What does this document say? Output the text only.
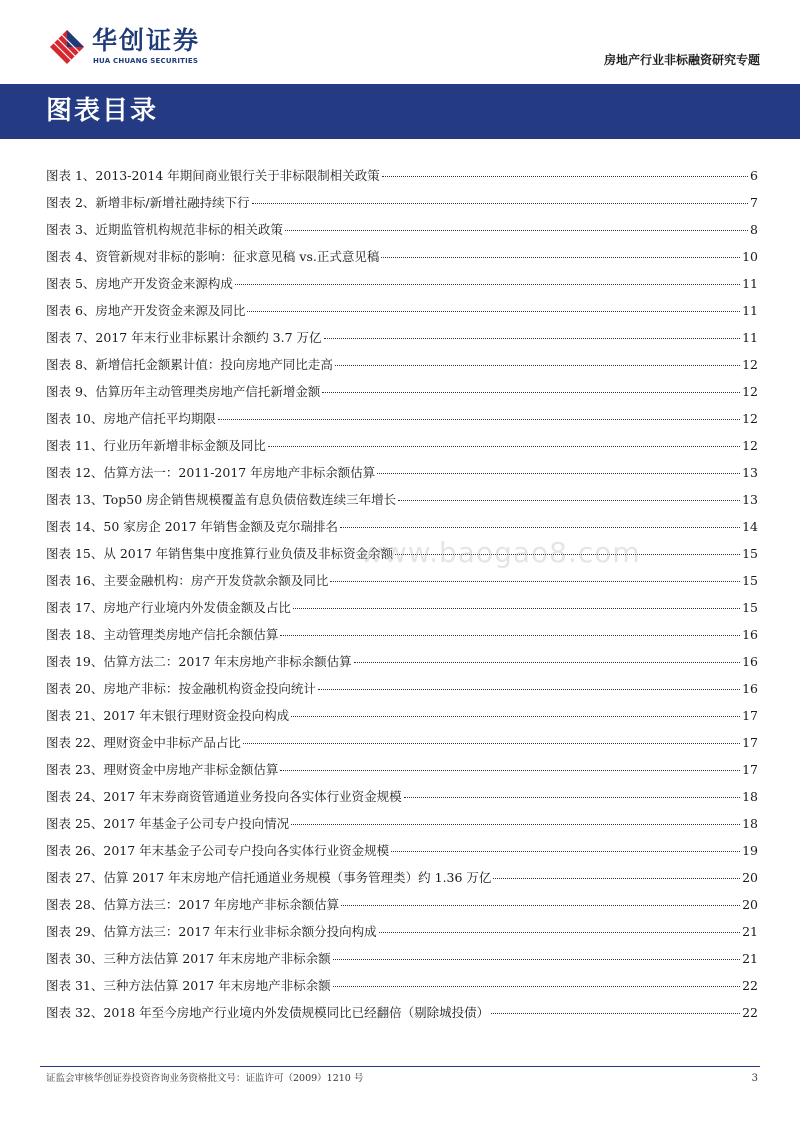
华创证券
HUA CHUANG SECURITIES	房地产行业非标融资研究专题
图表目录
图表 1、2013-2014 年期间商业银行关于非标限制相关政策	6
图表 2、新增非标/新增社融持续下行	7
图表 3、近期监管机构规范非标的相关政策	8
图表 4、资管新规对非标的影响：征求意见稿 vs.正式意见稿	10
图表 5、房地产开发资金来源构成	11
图表 6、房地产开发资金来源及同比	11
图表 7、2017 年末行业非标累计余额约 3.7 万亿	11
图表 8、新增信托金额累计值：投向房地产同比走高	12
图表 9、估算历年主动管理类房地产信托新增金额	12
图表 10、房地产信托平均期限	12
图表 11、行业历年新增非标金额及同比	12
图表 12、估算方法一：2011-2017 年房地产非标余额估算	13
图表 13、Top50 房企销售规模覆盖有息负债倍数连续三年增长	13
图表 14、50 家房企 2017 年销售金额及克尔瑞排名	14
图表 15、从 2017 年销售集中度推算行业负债及非标资金余额	15
图表 16、主要金融机构：房产开发贷款余额及同比	15
图表 17、房地产行业境内外发债金额及占比	15
图表 18、主动管理类房地产信托余额估算	16
图表 19、估算方法二：2017 年末房地产非标余额估算	16
图表 20、房地产非标：按金融机构资金投向统计	16
图表 21、2017 年末银行理财资金投向构成	17
图表 22、理财资金中非标产品占比	17
图表 23、理财资金中房地产非标金额估算	17
图表 24、2017 年末券商资管通道业务投向各实体行业资金规模	18
图表 25、2017 年基金子公司专户投向情况	18
图表 26、2017 年末基金子公司专户投向各实体行业资金规模	19
图表 27、估算 2017 年末房地产信托通道业务规模（事务管理类）约 1.36 万亿	20
图表 28、估算方法三：2017 年房地产非标余额估算	20
图表 29、估算方法三：2017 年末行业非标余额分投向构成	21
图表 30、三种方法估算 2017 年末房地产非标余额	21
图表 31、三种方法估算 2017 年末房地产非标余额	22
图表 32、2018 年至今房地产行业境内外发债规模同比已经翻倍（剔除城投债）	22
www.baogao8.com
证监会审核华创证券投资咨询业务资格批文号：证监许可（2009）1210 号	3
